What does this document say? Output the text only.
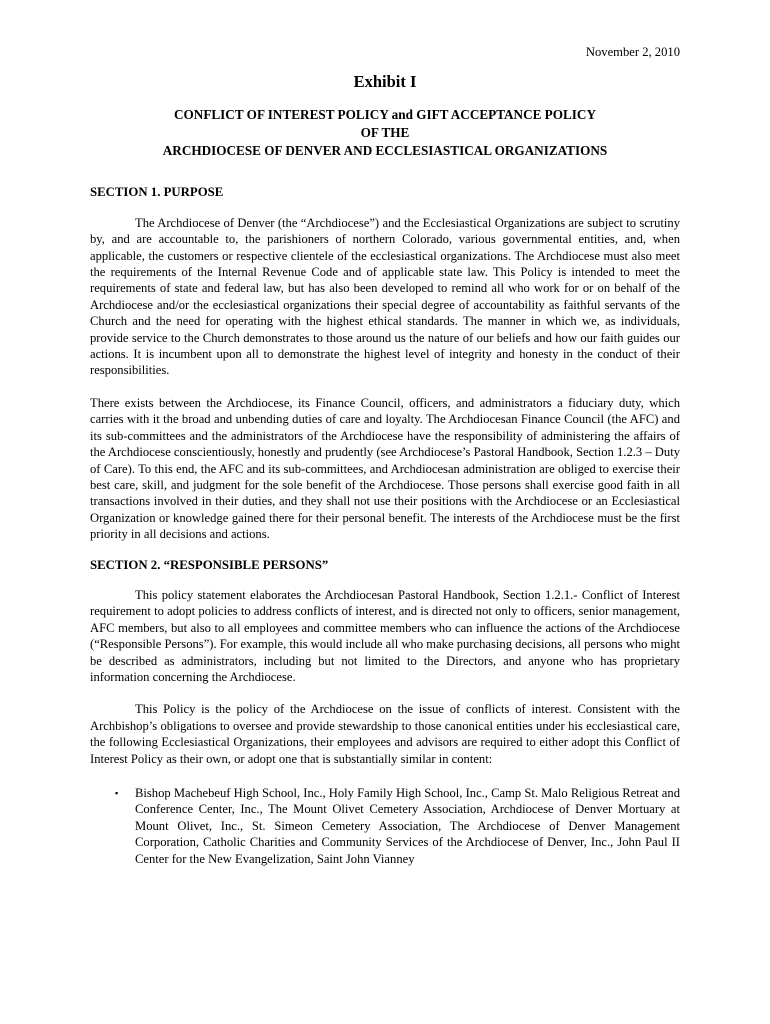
November 2, 2010

Exhibit I
CONFLICT OF INTEREST POLICY and GIFT ACCEPTANCE POLICY
OF THE
ARCHDIOCESE OF DENVER AND ECCLESIASTICAL ORGANIZATIONS
SECTION 1. PURPOSE

The Archdiocese of Denver (the “Archdiocese”) and the Ecclesiastical Organizations are subject to scrutiny by, and are accountable to, the parishioners of northern Colorado, various governmental entities, and, when applicable, the customers or respective clientele of the ecclesiastical organizations. The Archdiocese must also meet the requirements of the Internal Revenue Code and of applicable state law. This Policy is intended to meet the requirements of state and federal law, but has also been developed to remind all who work for or on behalf of the Archdiocese and/or the ecclesiastical organizations their special degree of accountability as faithful servants of the Church and the need for operating with the highest ethical standards. The manner in which we, as individuals, provide service to the Church demonstrates to those around us the nature of our beliefs and how our faith guides our actions. It is incumbent upon all to demonstrate the highest level of integrity and honesty in the conduct of their responsibilities.

There exists between the Archdiocese, its Finance Council, officers, and administrators a fiduciary duty, which carries with it the broad and unbending duties of care and loyalty. The Archdiocesan Finance Council (the AFC) and its sub-committees and the administrators of the Archdiocese have the responsibility of administering the affairs of the Archdiocese conscientiously, honestly and prudently (see Archdiocese’s Pastoral Handbook, Section 1.2.3 – Duty of Care). To this end, the AFC and its sub-committees, and Archdiocesan administration are obliged to exercise their best care, skill, and judgment for the sole benefit of the Archdiocese. Those persons shall exercise good faith in all transactions involved in their duties, and they shall not use their positions with the Archdiocese or an Ecclesiastical Organization or knowledge gained there for their personal benefit. The interests of the Archdiocese must be the first priority in all decisions and actions.

SECTION 2. “RESPONSIBLE PERSONS”

This policy statement elaborates the Archdiocesan Pastoral Handbook, Section 1.2.1.- Conflict of Interest requirement to adopt policies to address conflicts of interest, and is directed not only to officers, senior management, AFC members, but also to all employees and committee members who can influence the actions of the Archdiocese (“Responsible Persons”). For example, this would include all who make purchasing decisions, all persons who might be described as administrators, including but not limited to the Directors, and anyone who has proprietary information concerning the Archdiocese.

This Policy is the policy of the Archdiocese on the issue of conflicts of interest. Consistent with the Archbishop’s obligations to oversee and provide stewardship to those canonical entities under his ecclesiastical care, the following Ecclesiastical Organizations, their employees and advisors are required to either adopt this Conflict of Interest Policy as their own, or adopt one that is substantially similar in content:

▪ Bishop Machebeuf High School, Inc., Holy Family High School, Inc., Camp St. Malo Religious Retreat and Conference Center, Inc., The Mount Olivet Cemetery Association, Archdiocese of Denver Mortuary at Mount Olivet, Inc., St. Simeon Cemetery Association, The Archdiocese of Denver Management Corporation, Catholic Charities and Community Services of the Archdiocese of Denver, Inc., John Paul II Center for the New Evangelization, Saint John Vianney
